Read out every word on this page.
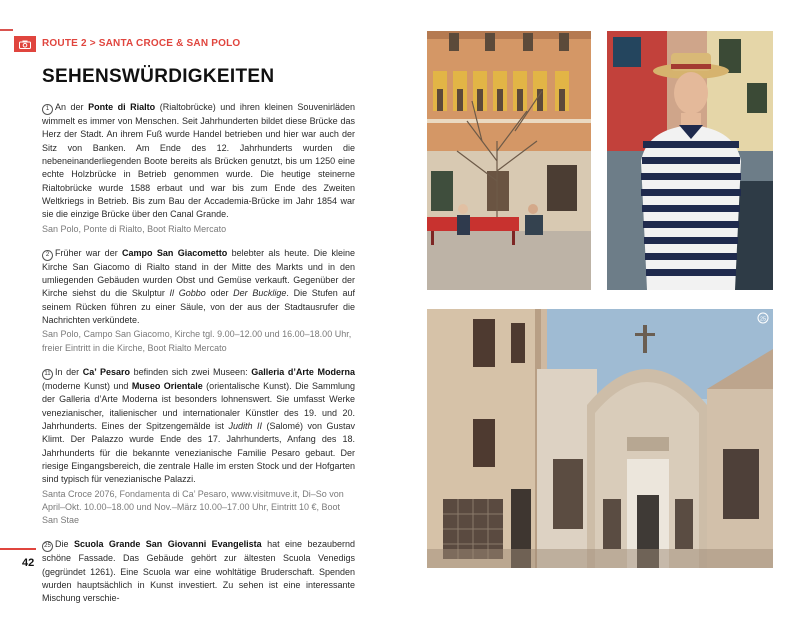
ROUTE 2 > SANTA CROCE & SAN POLO
SEHENSWÜRDIGKEITEN

1 An der Ponte di Rialto (Rialtobrücke) und ihren kleinen Souvenirläden wimmelt es immer von Menschen. Seit Jahrhunderten bildet diese Brücke das Herz der Stadt. An ihrem Fuß wurde Handel betrieben und hier war auch der Sitz von Banken. Am Ende des 12. Jahrhunderts wurden die nebeneinanderliegenden Boote bereits als Brücken genutzt, bis um 1250 eine echte Holzbrücke in Betrieb genommen wurde. Die heutige steinerne Rialtobrücke wurde 1588 erbaut und war bis zum Ende des Zweiten Weltkriegs in Betrieb. Bis zum Bau der Accademia-Brücke im Jahr 1854 war sie die einzige Brücke über den Canal Grande.

San Polo, Ponte di Rialto, Boot Rialto Mercato

2 Früher war der Campo San Giacometto belebter als heute. Die kleine Kirche San Giacomo di Rialto stand in der Mitte des Markts und in den umliegenden Gebäuden wurden Obst und Gemüse verkauft. Gegenüber der Kirche siehst du die Skulptur Il Gobbo oder Der Bucklige. Die Stufen auf seinem Rücken führen zu einer Säule, von der aus der Stadtausrufer die Nachrichten verkündete.

San Polo, Campo San Giacomo, Kirche tgl. 9.00–12.00 und 16.00–18.00 Uhr, freier Eintritt in die Kirche, Boot Rialto Mercato

11 In der Ca’ Pesaro befinden sich zwei Museen: Galleria d’Arte Moderna (moderne Kunst) und Museo Orientale (orientalische Kunst). Die Sammlung der Galleria d’Arte Moderna ist besonders lohnenswert. Sie umfasst Werke venezianischer, italienischer und internationaler Künstler des 19. und 20. Jahrhunderts. Eines der Spitzengemälde ist Judith II (Salomé) von Gustav Klimt. Der Palazzo wurde Ende des 17. Jahrhunderts, Anfang des 18. Jahrhunderts für die bekannte venezianische Familie Pesaro gebaut. Der riesige Eingangsbereich, die zentrale Halle im ersten Stock und der Hofgarten sind typisch für venezianische Palazzi.

Santa Croce 2076, Fondamenta di Ca’ Pesaro, www.visitmuve.it, Di–So von April–Okt. 10.00–18.00 und Nov.–März 10.00–17.00 Uhr, Eintritt 10 €, Boot San Stae

25 Die Scuola Grande San Giovanni Evangelista hat eine bezaubernd schöne Fassade. Das Gebäude gehört zur ältesten Scuola Venedigs (gegründet 1261). Eine Scuola war eine wohltätige Bruderschaft. Spenden wurden hauptsächlich in Kunst investiert. Zu sehen ist eine interessante Mischung verschie-

42
25
